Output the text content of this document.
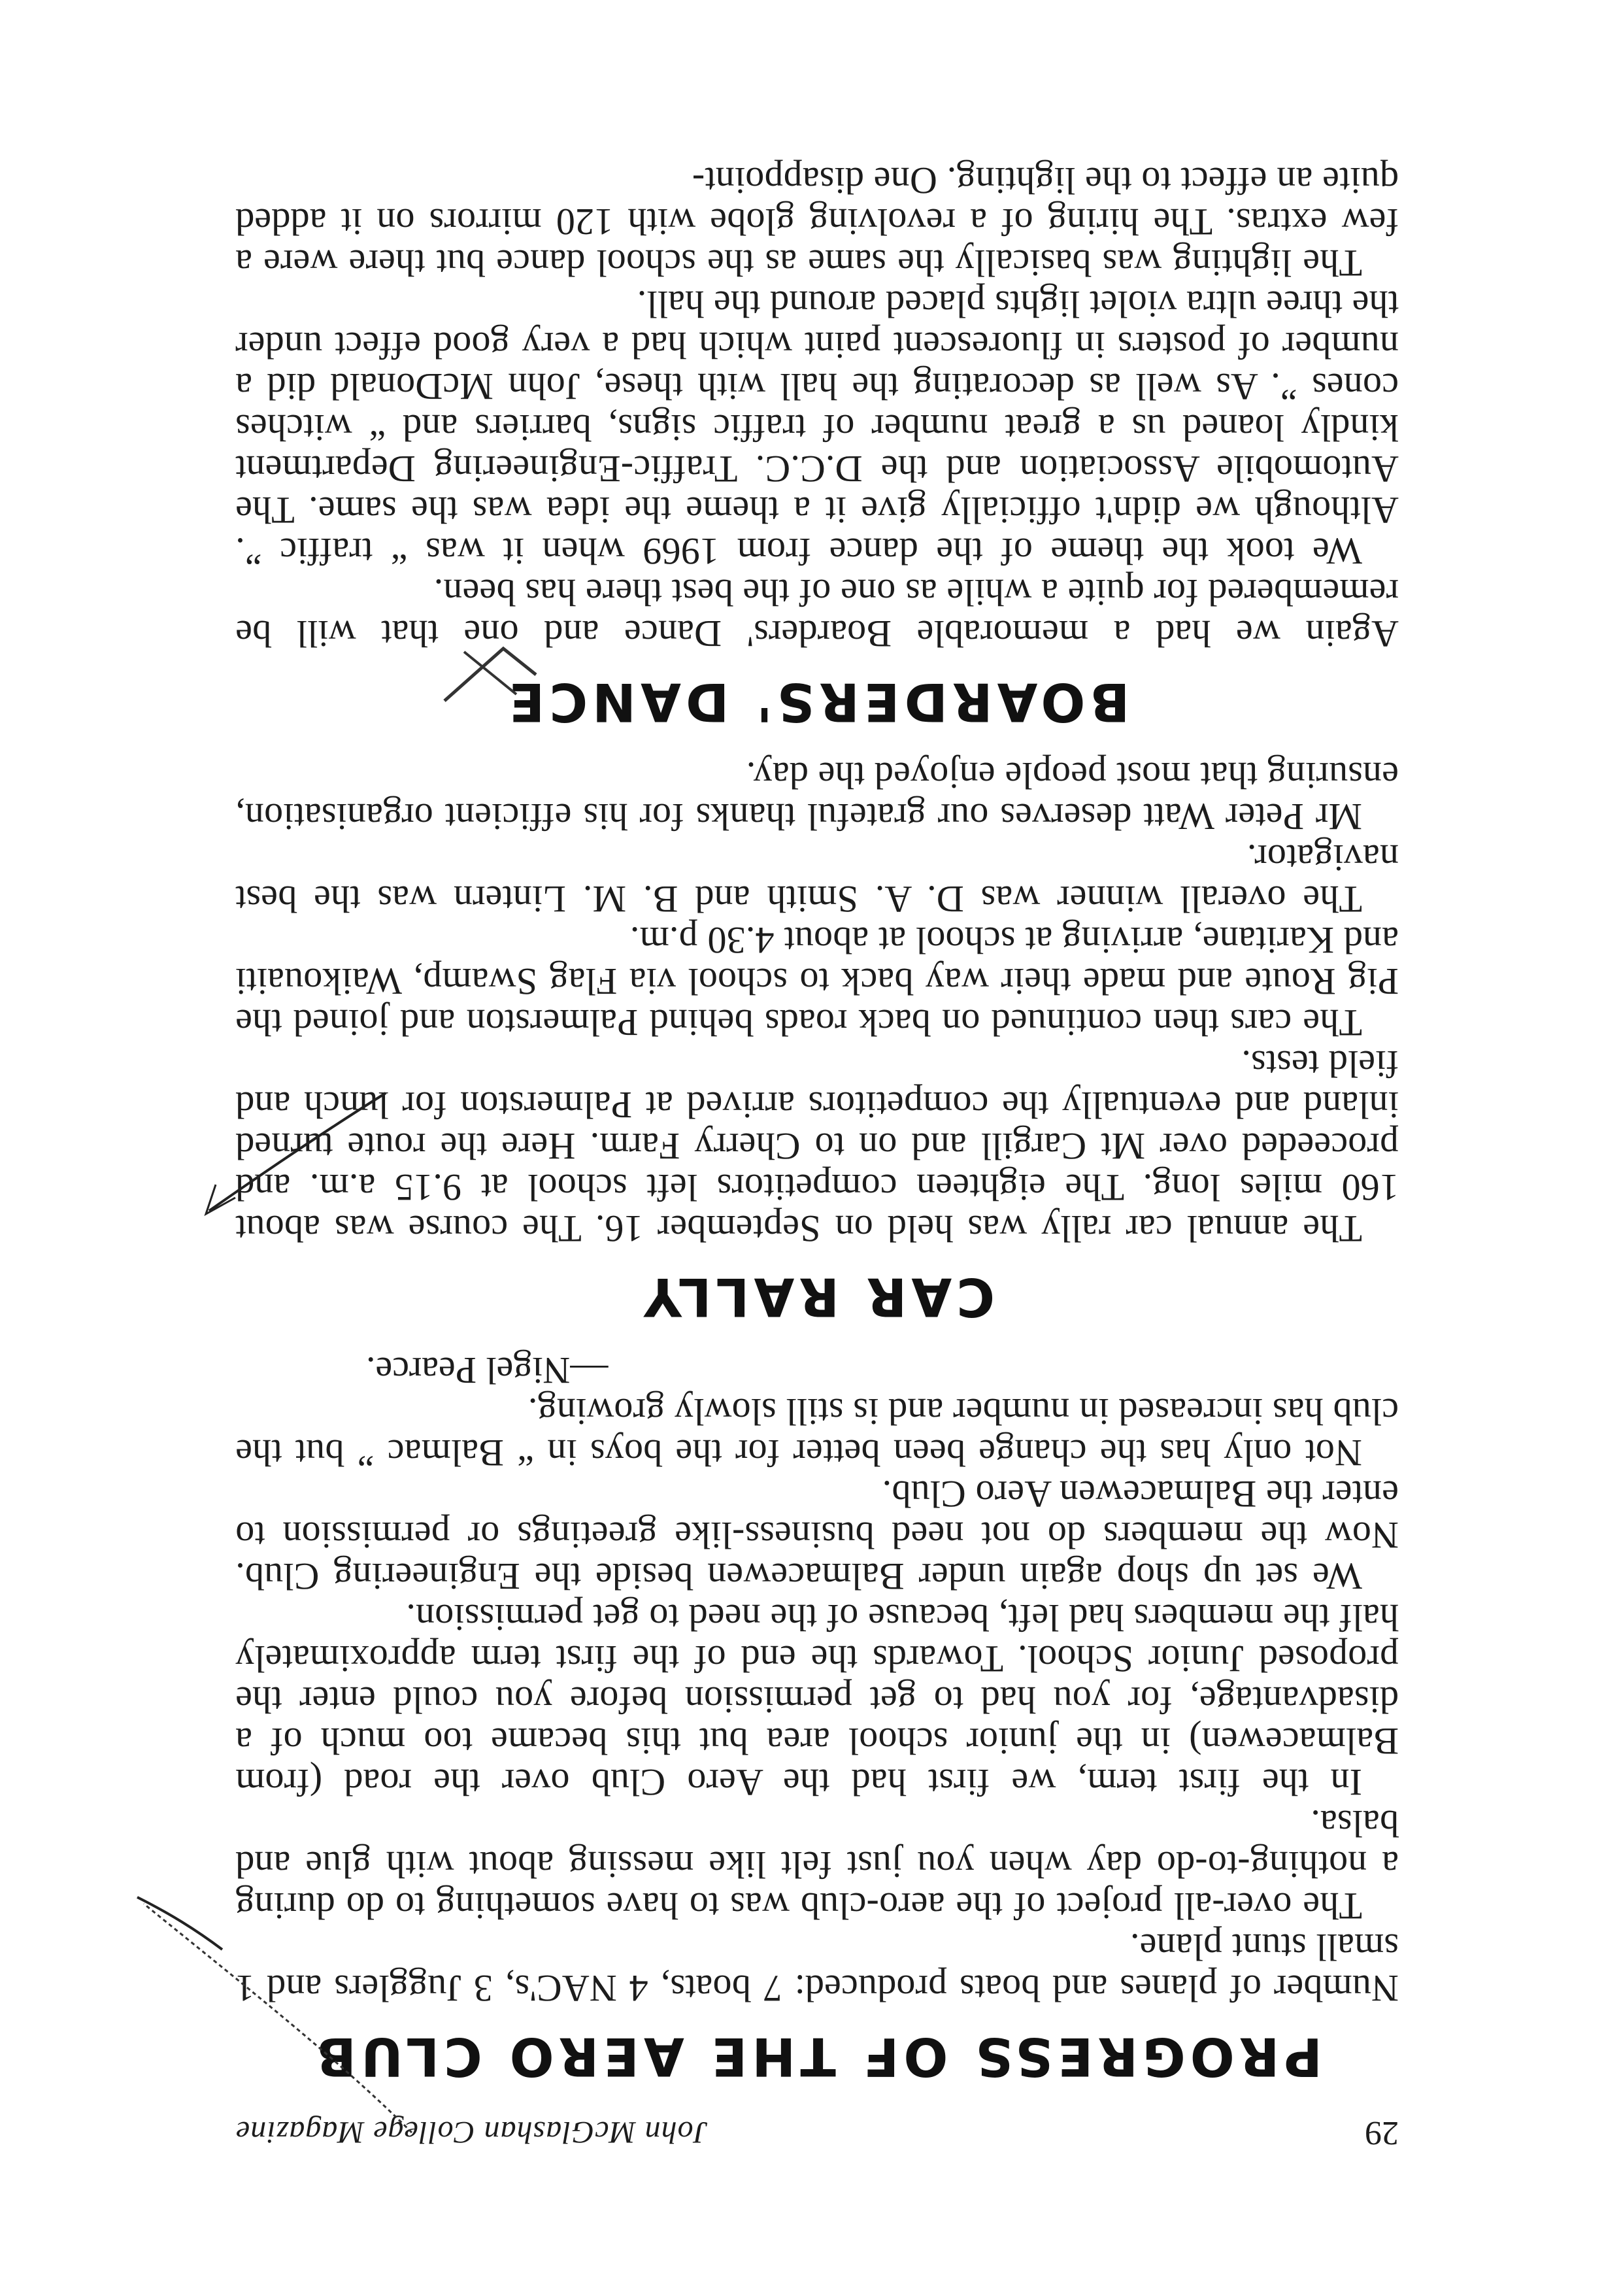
29
John McGlashan College Magazine
PROGRESS OF THE AERO CLUB

Number of planes and boats produced: 7 boats, 4 NAC's, 3 Jugglers and 1 small stunt plane.

The over-all project of the aero-club was to have something to do during a nothing-to-do day when you just felt like messing about with glue and balsa.

In the first term, we first had the Aero Club over the road (from Balmacewen) in the junior school area but this became too much of a disadvantage, for you had to get permission before you could enter the proposed Junior School. Towards the end of the first term approximately half the members had left, because of the need to get permission.

We set up shop again under Balmacewen beside the Engineering Club. Now the members do not need business-like greetings or permission to enter the Balmacewen Aero Club.

Not only has the change been better for the boys in “ Balmac ” but the club has increased in number and is still slowly growing.

—Nigel Pearce.
CAR RALLY

The annual car rally was held on September 16. The course was about 160 miles long. The eighteen competitors left school at 9.15 a.m. and proceeded over Mt Cargill and on to Cherry Farm. Here the route turned inland and eventually the competitors arrived at Palmerston for lunch and field tests.

The cars then continued on back roads behind Palmerston and joined the Pig Route and made their way back to school via Flag Swamp, Waikouaiti and Karitane, arriving at school at about 4.30 p.m.

The overall winner was D. A. Smith and B. M. Lintern was the best navigator.

Mr Peter Watt deserves our grateful thanks for his efficient organisation, ensuring that most people enjoyed the day.

BOARDERS' DANCE

Again we had a memorable Boarders' Dance and one that will be remembered for quite a while as one of the best there has been.

We took the theme of the dance from 1969 when it was “ traffic ”. Although we didn't officially give it a theme the idea was the same. The Automobile Association and the D.C.C. Traffic-Engineering Department kindly loaned us a great number of traffic signs, barriers and “ witches cones ”. As well as decorating the hall with these, John McDonald did a number of posters in fluorescent paint which had a very good effect under the three ultra violet lights placed around the hall.

The lighting was basically the same as the school dance but there were a few extras. The hiring of a revolving globe with 120 mirrors on it added quite an effect to the lighting. One disappoint-
